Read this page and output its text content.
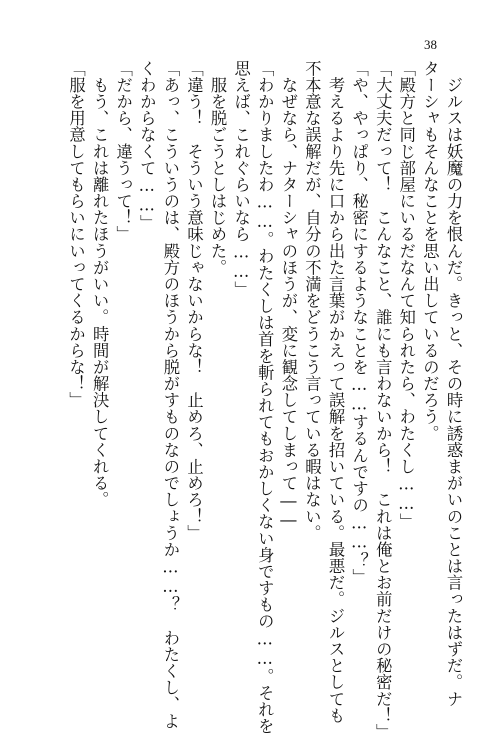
38

　ジルスは妖魔の力を恨んだ。きっと、その時に誘惑まがいのことは言ったはずだ。ナ

ターシャもそんなことを思い出しているのだろう。

「殿方と同じ部屋にいるだなんて知られたら、わたくし……」

「大丈夫だって！　こんなこと、誰にも言わないから！　これは俺とお前だけの秘密だ！」

「や、やっぱり、秘密にするようなことを……するんですの……？」

　考えるより先に口から出た言葉がかえって誤解を招いている。最悪だ。ジルスとしても

不本意な誤解だが、自分の不満をどうこう言っている暇はない。

　なぜなら、ナターシャのほうが、変に観念してしまって――

「わかりましたわ……。わたくしは首を斬られてもおかしくない身ですもの……。それを

思えば、これぐらいなら……」

　服を脱ごうとしはじめた。

「違う！　そういう意味じゃないからな！　止めろ、止めろ！」

「あっ、こういうのは、殿方のほうから脱がすものなのでしょうか……？　わたくし、よ

くわからなくて……」

「だから、違うって！」

　もう、これは離れたほうがいい。時間が解決してくれる。

「服を用意してもらいにいってくるからな！」
